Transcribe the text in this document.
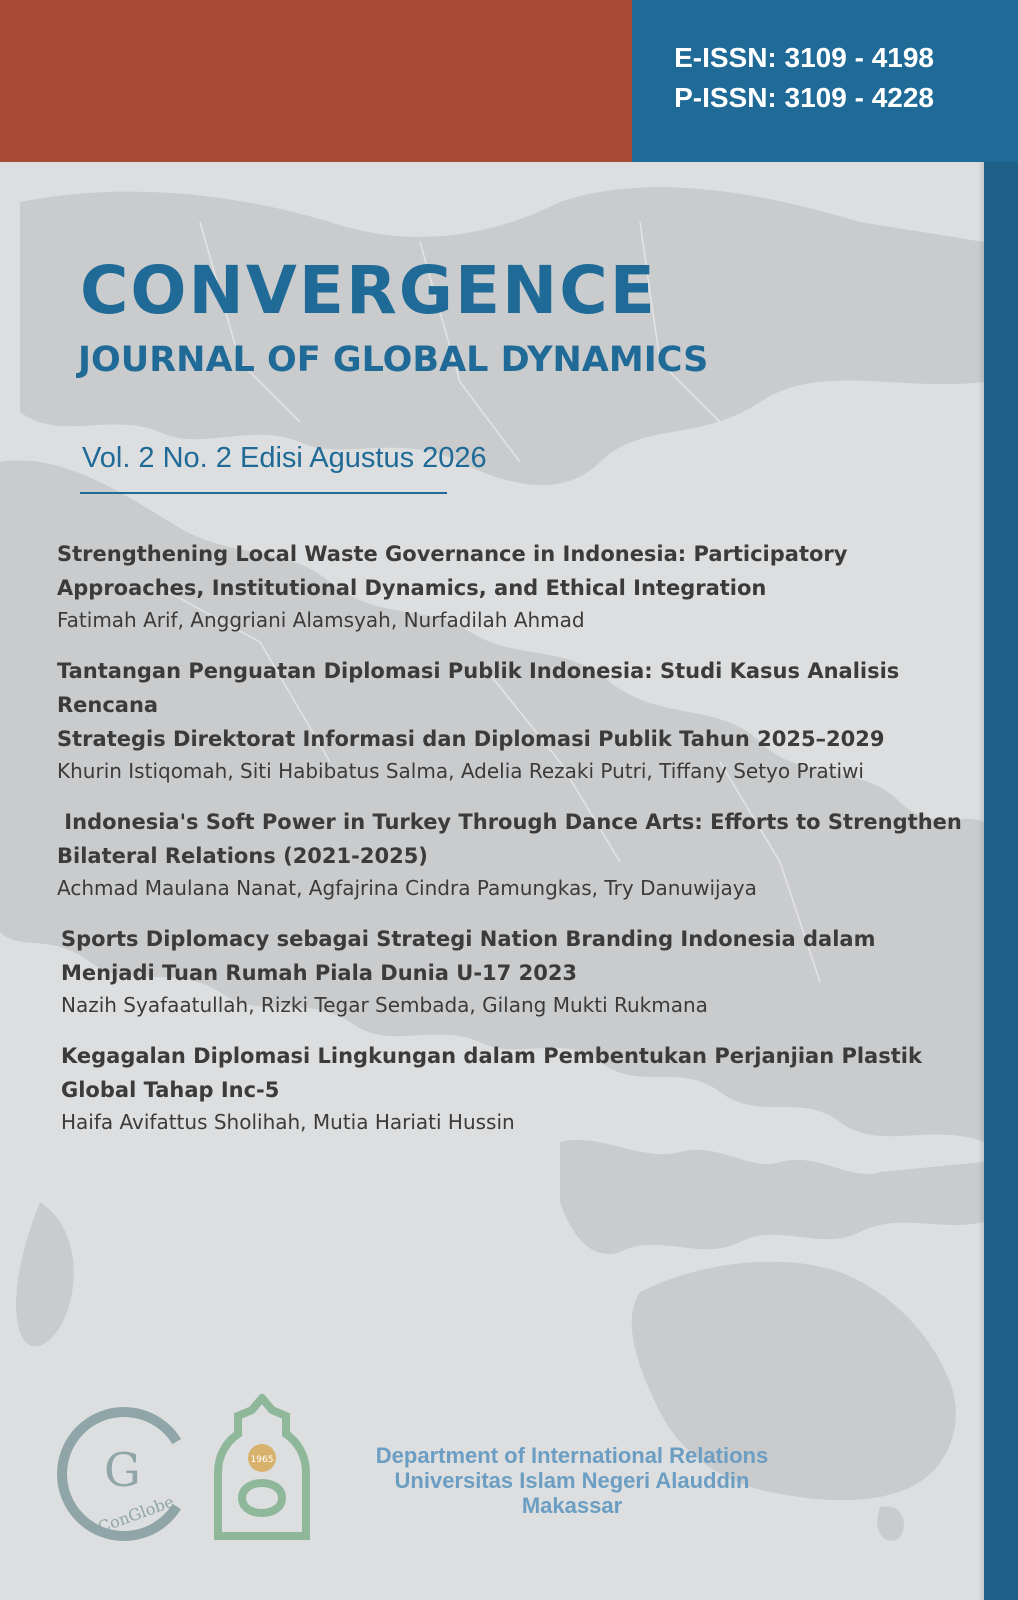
E-ISSN: 3109 - 4198
P-ISSN: 3109 - 4228
CONVERGENCE
JOURNAL OF GLOBAL DYNAMICS
Vol. 2 No. 2 Edisi Agustus 2026
Strengthening Local Waste Governance in Indonesia: Participatory
Approaches, Institutional Dynamics, and Ethical Integration
Fatimah Arif, Anggriani Alamsyah, Nurfadilah Ahmad
Tantangan Penguatan Diplomasi Publik Indonesia: Studi Kasus Analisis Rencana
Strategis Direktorat Informasi dan Diplomasi Publik Tahun 2025–2029
Khurin Istiqomah, Siti Habibatus Salma, Adelia Rezaki Putri, Tiffany Setyo Pratiwi
Indonesia's Soft Power in Turkey Through Dance Arts: Efforts to Strengthen
Bilateral Relations (2021-2025)
Achmad Maulana Nanat, Agfajrina Cindra Pamungkas, Try Danuwijaya
Sports Diplomacy sebagai Strategi Nation Branding Indonesia dalam
Menjadi Tuan Rumah Piala Dunia U-17 2023
Nazih Syafaatullah, Rizki Tegar Sembada, Gilang Mukti Rukmana
Kegagalan Diplomasi Lingkungan dalam Pembentukan Perjanjian Plastik
Global Tahap Inc-5
Haifa Avifattus Sholihah, Mutia Hariati Hussin
G
ConGlobe
1965	Department of International Relations
Universitas Islam Negeri Alauddin
Makassar
